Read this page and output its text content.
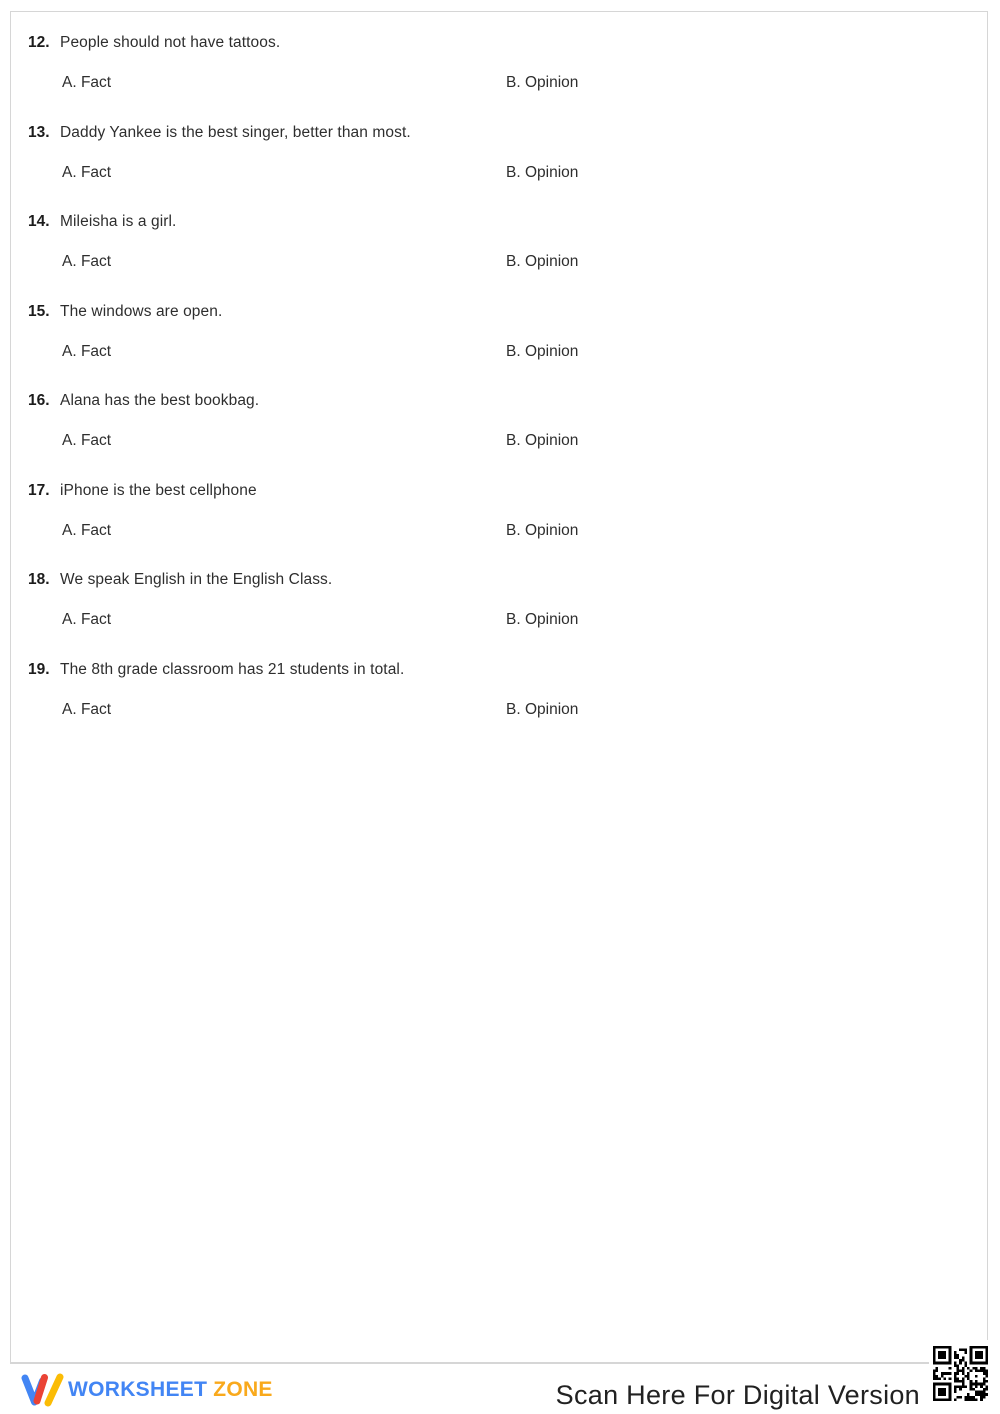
12. People should not have tattoos.
A. Fact	B. Opinion
13. Daddy Yankee is the best singer, better than most.
A. Fact	B. Opinion
14. Mileisha is a girl.
A. Fact	B. Opinion
15. The windows are open.
A. Fact	B. Opinion
16. Alana has the best bookbag.
A. Fact	B. Opinion
17. iPhone is the best cellphone
A. Fact	B. Opinion
18. We speak English in the English Class.
A. Fact	B. Opinion
19. The 8th grade classroom has 21 students in total.
A. Fact	B. Opinion
WORKSHEET ZONE	Scan Here For Digital Version
